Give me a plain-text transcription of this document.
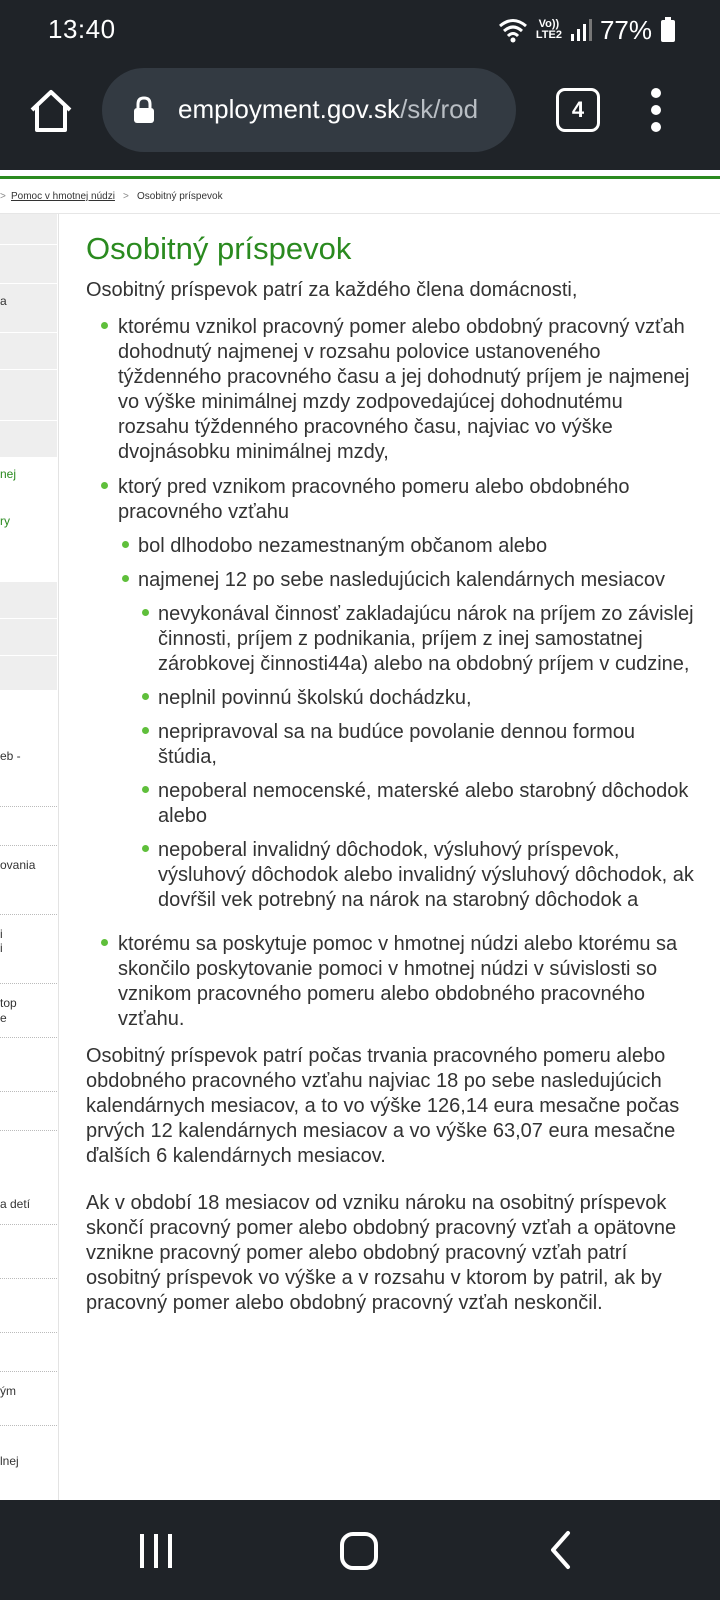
13:40	Vo))
LTE2 77%
employment.gov.sk/sk/rod	4
> Pomoc v hmotnej núdzi > Osobitný príspevok
a
nej
ry
eb -
ovania
i
i
top
e
a detí
ým
lnej
Osobitný príspevok

Osobitný príspevok patrí za každého člena domácnosti,

ktorému vznikol pracovný pomer alebo obdobný pracovný vzťah dohodnutý najmenej v rozsahu polovice ustanoveného týždenného pracovného času a jej dohodnutý príjem je najmenej vo výške minimálnej mzdy zodpovedajúcej dohodnutému rozsahu týždenného pracovného času, najviac vo výške dvojnásobku minimálnej mzdy,
ktorý pred vznikom pracovného pomeru alebo obdobného pracovného vzťahu
bol dlhodobo nezamestnaným občanom alebo
najmenej 12 po sebe nasledujúcich kalendárnych mesiacov
nevykonával činnosť zakladajúcu nárok na príjem zo závislej činnosti, príjem z podnikania, príjem z inej samostatnej zárobkovej činnosti44a) alebo na obdobný príjem v cudzine,
neplnil povinnú školskú dochádzku,
nepripravoval sa na budúce povolanie dennou formou štúdia,
nepoberal nemocenské, materské alebo starobný dôchodok alebo
nepoberal invalidný dôchodok, výsluhový príspevok, výsluhový dôchodok alebo invalidný výsluhový dôchodok, ak dovŕšil vek potrebný na nárok na starobný dôchodok a
ktorému sa poskytuje pomoc v hmotnej núdzi alebo ktorému sa skončilo poskytovanie pomoci v hmotnej núdzi v súvislosti so vznikom pracovného pomeru alebo obdobného pracovného vzťahu.

Osobitný príspevok patrí počas trvania pracovného pomeru alebo obdobného pracovného vzťahu najviac 18 po sebe nasledujúcich kalendárnych mesiacov, a to vo výške 126,14 eura mesačne počas prvých 12 kalendárnych mesiacov a vo výške 63,07 eura mesačne ďalších 6 kalendárnych mesiacov.

Ak v období 18 mesiacov od vzniku nároku na osobitný príspevok skončí pracovný pomer alebo obdobný pracovný vzťah a opätovne vznikne pracovný pomer alebo obdobný pracovný vzťah patrí osobitný príspevok vo výške a v rozsahu v ktorom by patril, ak by pracovný pomer alebo obdobný pracovný vzťah neskončil.
